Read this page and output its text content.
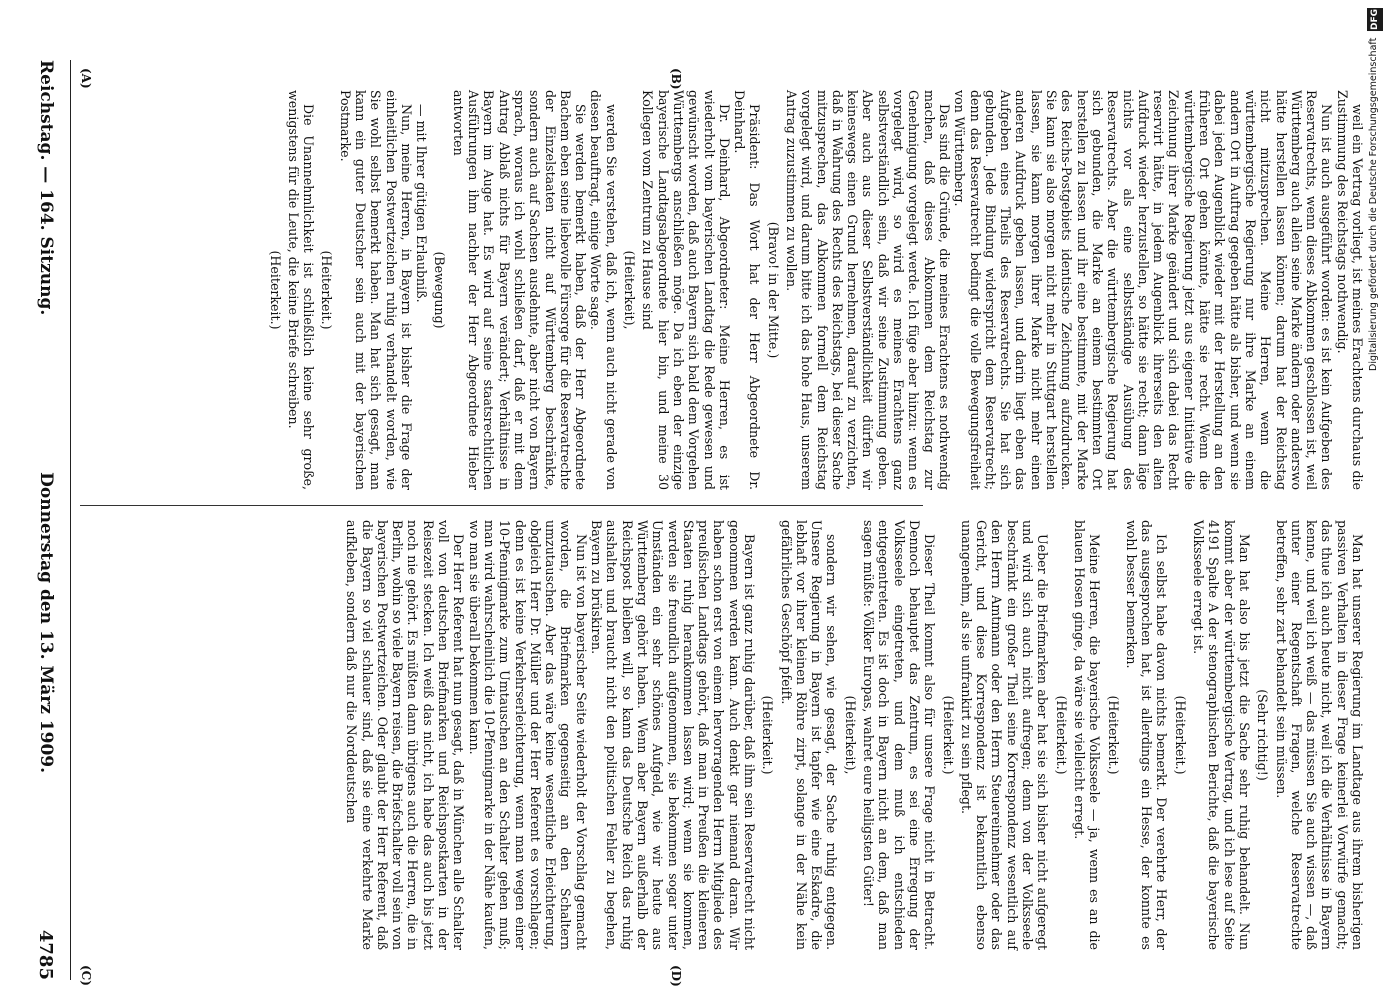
(A)	(B)
(C)	(D)

weil ein Vertrag vorliegt, ist meines Erachtens durchaus die Zustimmung des Reichstags nothwendig.

Nun ist auch ausgeführt worden: es ist kein Aufgeben des Reservatrechts, wenn dieses Abkommen geschlossen ist, weil Württemberg auch allein seine Marke ändern oder anderswo hätte herstellen lassen können; darum hat der Reichstag nicht mitzusprechen. Meine Herren, wenn die württembergische Regierung nur ihre Marke an einem andern Ort in Auftrag gegeben hätte als bisher, und wenn sie dabei jeden Augenblick wieder mit der Herstellung an den früheren Ort gehen könnte, hätte sie recht. Wenn die württembergische Regierung jetzt aus eigener Initiative die Zeichnung ihrer Marke geändert und sich dabei das Recht reservirt hätte, in jedem Augenblick ihrerseits den alten Aufdruck wieder herzustellen, so hätte sie recht; dann läge nichts vor als eine selbstständige Ausübung des Reservatrechts. Aber die württembergische Regierung hat sich gebunden, die Marke an einem bestimmten Ort herstellen zu lassen und ihr eine bestimmte, mit der Marke des Reichs-Postgebiets identische Zeichnung aufzudrucken. Sie kann sie also morgen nicht mehr in Stuttgart herstellen lassen, sie kann morgen ihrer Marke nicht mehr einen anderen Aufdruck geben lassen, und darin liegt eben das Aufgeben eines Theils des Reservatrechts. Sie hat sich gebunden. Jede Bindung widerspricht dem Reservatrecht; denn das Reservatrecht bedingt die volle Bewegungsfreiheit von Württemberg.

Das sind die Gründe, die meines Erachtens es nothwendig machen, daß dieses Abkommen dem Reichstag zur Genehmigung vorgelegt werde. Ich füge aber hinzu: wenn es vorgelegt wird, so wird es meines Erachtens ganz selbstverständlich sein, daß wir seine Zustimmung geben. Aber auch aus dieser Selbstverständlichkeit dürfen wir keineswegs einen Grund hernehmen, darauf zu verzichten, daß in Wahrung des Rechts des Reichstags, bei dieser Sache mitzusprechen, das Abkommen formell dem Reichstag vorgelegt wird, und darum bitte ich das hohe Haus, unserem Antrag zuzustimmen zu wollen.

(Bravo! in der Mitte.)

Präsident: Das Wort hat der Herr Abgeordnete Dr. Deinhard.

Dr. Deinhard, Abgeordneter: Meine Herren, es ist wiederholt vom bayerischen Landtag die Rede gewesen und gewünscht worden, daß auch Bayern sich bald dem Vorgehen Württembergs anschließen möge. Da ich eben der einzige bayerische Landtagsabgeordnete hier bin, und meine 30 Kollegen vom Zentrum zu Hause sind

(Heiterkeit),

werden Sie verstehen, daß ich, wenn auch nicht gerade von diesen beauftragt, einige Worte sage.

Sie werden bemerkt haben, daß der Herr Abgeordnete Bachem eben seine liebevolle Fürsorge für die Reservatrechte der Einzelstaaten nicht auf Württemberg beschränkte, sondern auch auf Sachsen ausdehnte, aber nicht von Bayern sprach, woraus ich wohl schließen darf, daß er mit dem Antrag Ablaß nichts für Bayern verändert; Verhältnisse in Bayern im Auge hat. Es wird auf seine staatsrechtlichen Ausführungen ihm nachher der Herr Abgeordnete Hieber antworten

(Bewegung)

— mit Ihrer gütigen Erlaubniß.

Nun, meine Herren, in Bayern ist bisher die Frage der einheitlichen Postwertzeichen ruhig verhandelt worden, wie Sie wohl selbst bemerkt haben. Man hat sich gesagt, man kann ein guter Deutscher sein auch mit der bayerischen Postmarke.

(Heiterkeit.)

Die Unannehmlichkeit ist schließlich keine sehr große, wenigstens für die Leute, die keine Briefe schreiben.

(Heiterkeit.)

Man hat unserer Regierung im Landtage aus ihrem bisherigen passiven Verhalten in dieser Frage keinerlei Vorwürfe gemacht; das thue ich auch heute nicht, weil ich die Verhältnisse in Bayern kenne, und weil ich weiß — das müssen Sie auch wissen —, daß unter einer Regentschaft Fragen, welche Reservatrechte betreffen, sehr zart behandelt sein müssen.

(Sehr richtig!)

Man hat also bis jetzt die Sache sehr ruhig behandelt. Nun kommt aber der württembergische Vertrag, und ich lese auf Seite 4191 Spalte A der stenographischen Berichte, daß die bayerische Volksseele erregt ist.

(Heiterkeit.)

Ich selbst habe davon nichts bemerkt. Der verehrte Herr, der das ausgesprochen hat, ist allerdings ein Hesse, der konnte es wohl besser bemerken.

(Heiterkeit.)

Meine Herren, die bayerische Volksseele — ja, wenn es an die blauen Hosen ginge, da wäre sie vielleicht erregt.

(Heiterkeit.)

Ueber die Briefmarken aber hat sie sich bisher nicht aufgeregt und wird sich auch nicht aufregen; denn von der Volksseele beschränkt ein großer Theil seine Korrespondenz wesentlich auf den Herrn Amtmann oder den Herrn Steuereinnehmer oder das Gericht, und diese Korrespondenz ist bekanntlich ebenso unangenehm, als sie unfrankirt zu sein pflegt.

(Heiterkeit.)

Dieser Theil kommt also für unsere Frage nicht in Betracht. Dennoch behauptet das Zentrum, es sei eine Erregung der Volksseele eingetreten, und dem muß ich entschieden entgegentreten. Es ist doch in Bayern nicht an dem, daß man sagen müßte: Völker Europas, wahret eure heiligsten Güter!

(Heiterkeit),

sondern wir sehen, wie gesagt, der Sache ruhig entgegen. Unsere Regierung in Bayern ist tapfer wie eine Eskadre, die lebhaft vor ihrer kleinen Röhre zirpt, solange in der Nähe kein gefährliches Geschöpf pfeift.

(Heiterkeit.)

Bayern ist ganz ruhig darüber, daß ihm sein Reservatrecht nicht genommen werden kann. Auch denkt gar niemand daran. Wir haben schon erst von einem hervorragenden Herrn Mitgliede des preußischen Landtags gehört, daß man in Preußen die kleineren Staaten ruhig herankommen lassen wird; wenn sie kommen, werden sie freundlich aufgenommen, sie bekommen sogar unter Umständen ein sehr schönes Aufgeld, wie wir heute aus Württemberg gehört haben. Wenn aber Bayern außerhalb der Reichspost bleiben will, so kann das Deutsche Reich das ruhig aushalten und braucht nicht den politischen Fehler zu begehen, Bayern zu brüskiren.

Nun ist von bayerischer Seite wiederholt der Vorschlag gemacht worden, die Briefmarken gegenseitig an den Schaltern umzutauschen. Aber das wäre keine wesentliche Erleichterung, obgleich Herr Dr. Müller und der Herr Referent es vorschlagen; denn es ist keine Verkehrserleichterung, wenn man wegen einer 10-Pfennigmarke zum Umtauschen an den Schalter gehen muß; man wird wahrscheinlich die 10-Pfennigmarke in der Nähe kaufen, wo man sie überall bekommen kann.

Der Herr Referent hat nun gesagt, daß in München alle Schalter voll von deutschen Briefmarken und Reichspostkarten in der Reisezeit stecken. Ich weiß das nicht, ich habe das auch bis jetzt noch nie gehört. Es müßten dann übrigens auch die Herren, die in Berlin, wohin so viele Bayern reisen, die Briefschalter voll sein von bayerischen Postwertzeichen. Oder glaubt der Herr Referent, daß die Bayern so viel schlauer sind, daß sie eine verkehrte Marke aufkleben, sondern daß nur die Norddeutschen

Reichstag. — 164. Sitzung.
Donnerstag den 13. März 1909.
4785
Digitalisierung gefördert durch die Deutsche Forschungsgemeinschaft
DFG
